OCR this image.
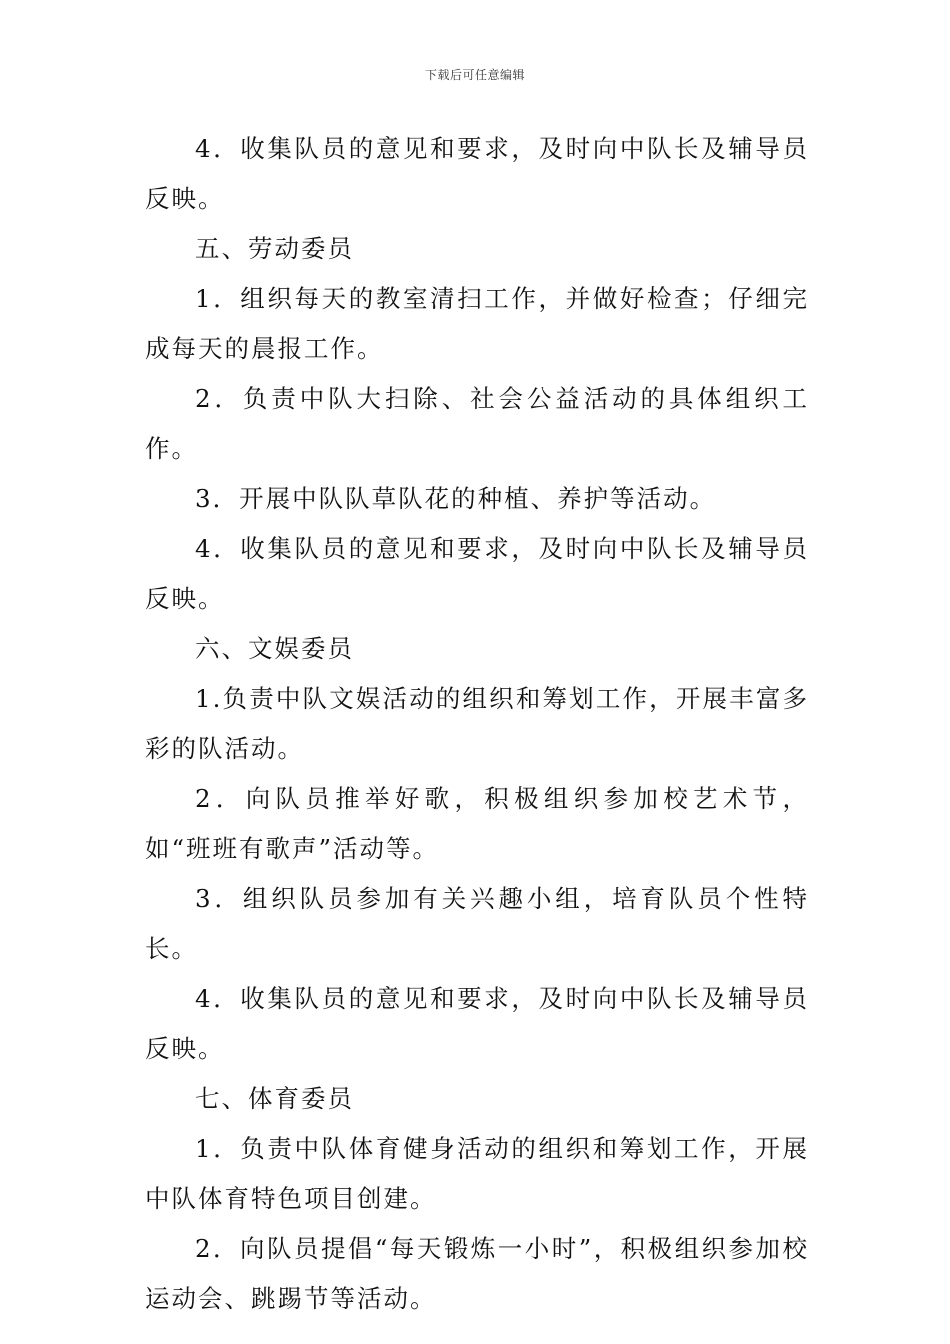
下载后可任意编辑

4．收集队员的意见和要求，及时向中队长及辅导员反映。

五、劳动委员

1．组织每天的教室清扫工作，并做好检查；仔细完成每天的晨报工作。

2．负责中队大扫除、社会公益活动的具体组织工作。

3．开展中队队草队花的种植、养护等活动。

4．收集队员的意见和要求，及时向中队长及辅导员反映。

六、文娱委员

1.负责中队文娱活动的组织和筹划工作，开展丰富多彩的队活动。

2．向队员推举好歌，积极组织参加校艺术节，如“班班有歌声”活动等。

3．组织队员参加有关兴趣小组，培育队员个性特长。

4．收集队员的意见和要求，及时向中队长及辅导员反映。

七、体育委员

1．负责中队体育健身活动的组织和筹划工作，开展中队体育特色项目创建。

2．向队员提倡“每天锻炼一小时”，积极组织参加校运动会、跳踢节等活动。
